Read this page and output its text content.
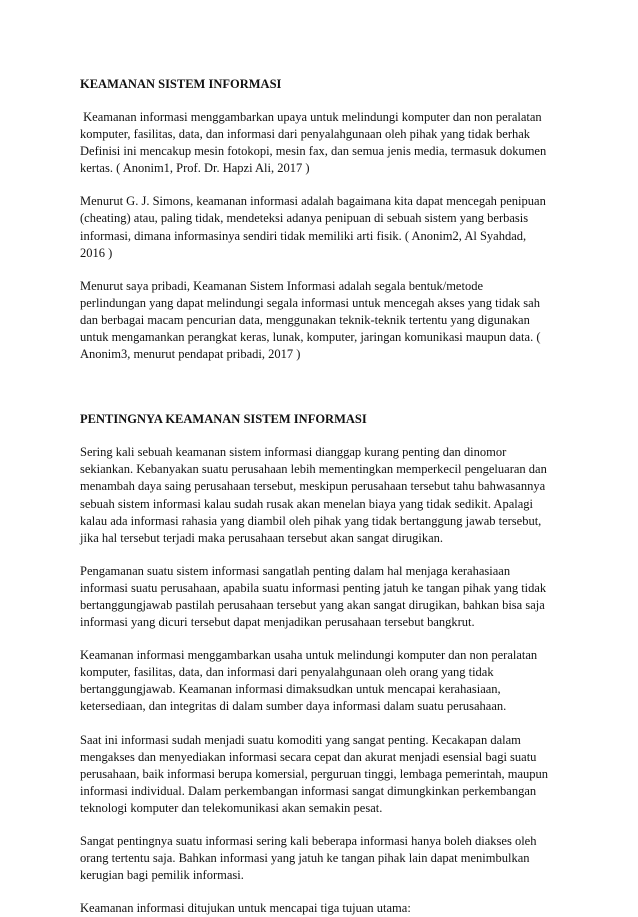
KEAMANAN SISTEM INFORMASI
Keamanan informasi menggambarkan upaya untuk melindungi komputer dan non peralatan
komputer, fasilitas, data, dan informasi dari penyalahgunaan oleh pihak yang tidak berhak
Definisi ini mencakup mesin fotokopi, mesin fax, dan semua jenis media, termasuk dokumen
kertas. ( Anonim1, Prof. Dr. Hapzi Ali, 2017 )
Menurut G. J. Simons, keamanan informasi adalah bagaimana kita dapat mencegah penipuan
(cheating) atau, paling tidak, mendeteksi adanya penipuan di sebuah sistem yang berbasis
informasi, dimana informasinya sendiri tidak memiliki arti fisik. ( Anonim2, Al Syahdad,
2016 )
Menurut saya pribadi, Keamanan Sistem Informasi adalah segala bentuk/metode
perlindungan yang dapat melindungi segala informasi untuk mencegah akses yang tidak sah
dan berbagai macam pencurian data, menggunakan teknik-teknik tertentu yang digunakan
untuk mengamankan perangkat keras, lunak, komputer, jaringan komunikasi maupun data. (
Anonim3, menurut pendapat pribadi, 2017 )
PENTINGNYA KEAMANAN SISTEM INFORMASI
Sering kali sebuah keamanan sistem informasi dianggap kurang penting dan dinomor
sekiankan. Kebanyakan suatu perusahaan lebih mementingkan memperkecil pengeluaran dan
menambah daya saing perusahaan tersebut, meskipun perusahaan tersebut tahu bahwasannya
sebuah sistem informasi kalau sudah rusak akan menelan biaya yang tidak sedikit. Apalagi
kalau ada informasi rahasia yang diambil oleh pihak yang tidak bertanggung jawab tersebut,
jika hal tersebut terjadi maka perusahaan tersebut akan sangat dirugikan.
Pengamanan suatu sistem informasi sangatlah penting dalam hal menjaga kerahasiaan
informasi suatu perusahaan, apabila suatu informasi penting jatuh ke tangan pihak yang tidak
bertanggungjawab pastilah perusahaan tersebut yang akan sangat dirugikan, bahkan bisa saja
informasi yang dicuri tersebut dapat menjadikan perusahaan tersebut bangkrut.
Keamanan informasi menggambarkan usaha untuk melindungi komputer dan non peralatan
komputer, fasilitas, data, dan informasi dari penyalahgunaan oleh orang yang tidak
bertanggungjawab. Keamanan informasi dimaksudkan untuk mencapai kerahasiaan,
ketersediaan, dan integritas di dalam sumber daya informasi dalam suatu perusahaan.
Saat ini informasi sudah menjadi suatu komoditi yang sangat penting. Kecakapan dalam
mengakses dan menyediakan informasi secara cepat dan akurat menjadi esensial bagi suatu
perusahaan, baik informasi berupa komersial, perguruan tinggi, lembaga pemerintah, maupun
informasi individual. Dalam perkembangan informasi sangat dimungkinkan perkembangan
teknologi komputer dan telekomunikasi akan semakin pesat.
Sangat pentingnya suatu informasi sering kali beberapa informasi hanya boleh diakses oleh
orang tertentu saja. Bahkan informasi yang jatuh ke tangan pihak lain dapat menimbulkan
kerugian bagi pemilik informasi.
Keamanan informasi ditujukan untuk mencapai tiga tujuan utama:
